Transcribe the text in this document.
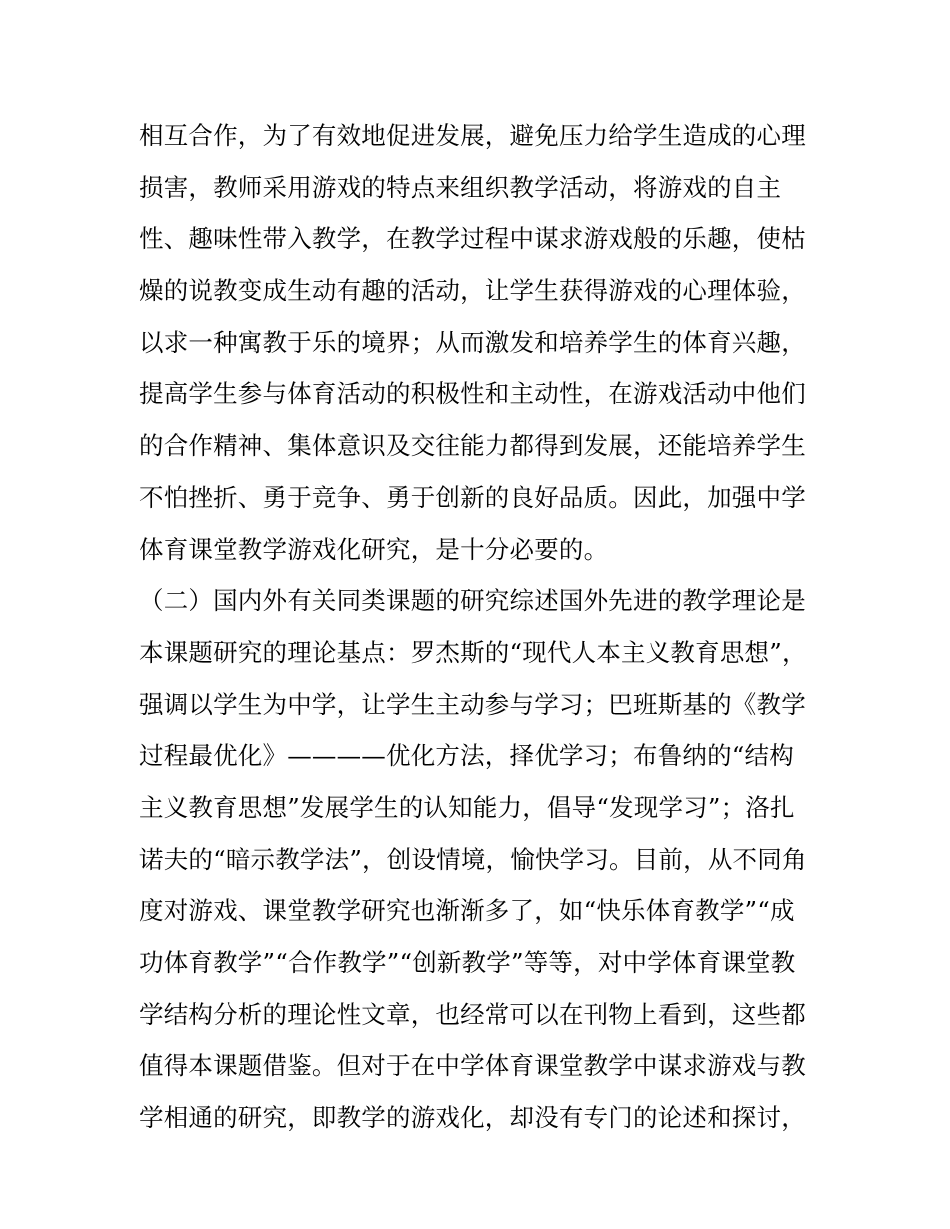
相互合作，为了有效地促进发展，避免压力给学生造成的心理
损害，教师采用游戏的特点来组织教学活动，将游戏的自主
性、趣味性带入教学，在教学过程中谋求游戏般的乐趣，使枯
燥的说教变成生动有趣的活动，让学生获得游戏的心理体验，
以求一种寓教于乐的境界；从而激发和培养学生的体育兴趣，
提高学生参与体育活动的积极性和主动性，在游戏活动中他们
的合作精神、集体意识及交往能力都得到发展，还能培养学生
不怕挫折、勇于竞争、勇于创新的良好品质。因此，加强中学
体育课堂教学游戏化研究，是十分必要的。
（二）国内外有关同类课题的研究综述国外先进的教学理论是
本课题研究的理论基点：罗杰斯的“现代人本主义教育思想”，
强调以学生为中学，让学生主动参与学习；巴班斯基的《教学
过程最优化》————优化方法，择优学习；布鲁纳的“结构
主义教育思想”发展学生的认知能力，倡导“发现学习”；洛扎
诺夫的“暗示教学法”，创设情境，愉快学习。目前，从不同角
度对游戏、课堂教学研究也渐渐多了，如“快乐体育教学”“成
功体育教学”“合作教学”“创新教学”等等，对中学体育课堂教
学结构分析的理论性文章，也经常可以在刊物上看到，这些都
值得本课题借鉴。但对于在中学体育课堂教学中谋求游戏与教
学相通的研究，即教学的游戏化，却没有专门的论述和探讨，
